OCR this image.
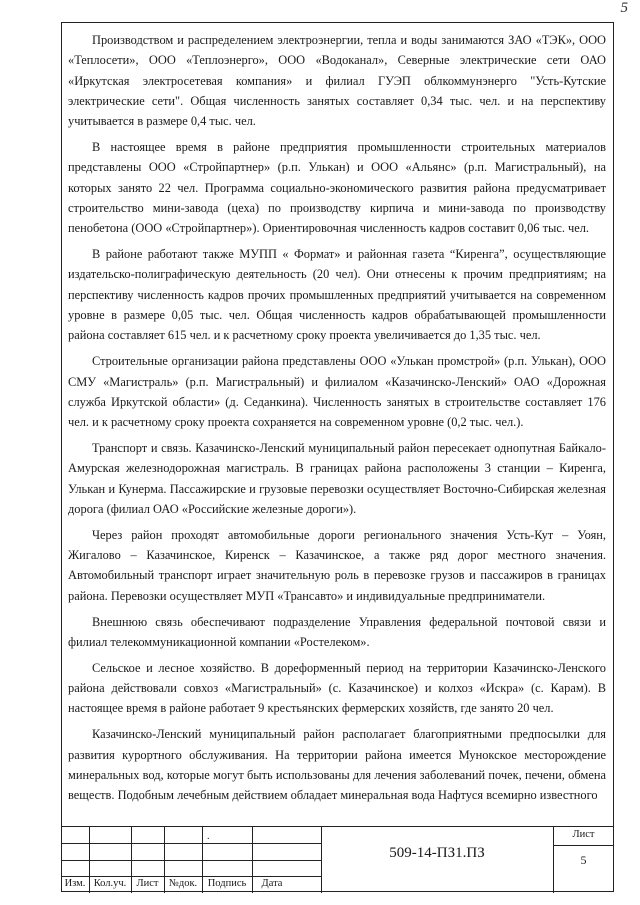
5

Производством и распределением электроэнергии, тепла и воды занимаются ЗАО «ТЭК», ООО «Теплосети», ООО «Теплоэнерго», ООО «Водоканал», Северные электрические сети ОАО «Иркутская электросетевая компания» и филиал ГУЭП облкоммунэнерго "Усть-Кутские электрические сети". Общая численность занятых составляет 0,34 тыс. чел. и на перспективу учитывается в размере 0,4 тыс. чел.

В настоящее время в районе предприятия промышленности строительных материалов представлены ООО «Стройпартнер» (р.п. Улькан) и ООО «Альянс» (р.п. Магистральный), на которых занято 22 чел. Программа социально-экономического развития района предусматривает строительство мини-завода (цеха) по производству кирпича и мини-завода по производству пенобетона (ООО «Стройпартнер»). Ориентировочная численность кадров составит 0,06 тыс. чел.

В районе работают также МУПП « Формат» и районная газета “Киренга”, осуществляющие издательско-полиграфическую деятельность (20 чел). Они отнесены к прочим предприятиям; на перспективу численность кадров прочих промышленных предприятий учитывается на современном уровне в размере 0,05 тыс. чел. Общая численность кадров обрабатывающей промышленности района составляет 615 чел. и к расчетному сроку проекта увеличивается до 1,35 тыс. чел.

Строительные организации района представлены ООО «Улькан промстрой» (р.п. Улькан), ООО СМУ «Магистраль» (р.п. Магистральный) и филиалом «Казачинско-Ленский» ОАО «Дорожная служба Иркутской области» (д. Седанкина). Численность занятых в строительстве составляет 176 чел. и к расчетному сроку проекта сохраняется на современном уровне (0,2 тыс. чел.).

Транспорт и связь. Казачинско-Ленский муниципальный район пересекает однопутная Байкало-Амурская железнодорожная магистраль. В границах района расположены 3 станции – Киренга, Улькан и Кунерма. Пассажирские и грузовые перевозки осуществляет Восточно-Сибирская железная дорога (филиал ОАО «Российские железные дороги»).

Через район проходят автомобильные дороги регионального значения Усть-Кут – Уоян, Жигалово – Казачинское, Киренск – Казачинское, а также ряд дорог местного значения. Автомобильный транспорт играет значительную роль в перевозке грузов и пассажиров в границах района. Перевозки осуществляет МУП «Трансавто» и индивидуальные предприниматели.

Внешнюю связь обеспечивают подразделение Управления федеральной почтовой связи и филиал телекоммуникационной компании «Ростелеком».

Сельское и лесное хозяйство. В дореформенный период на территории Казачинско-Ленского района действовали совхоз «Магистральный» (с. Казачинское) и колхоз «Искра» (с. Карам). В настоящее время в районе работает 9 крестьянских фермерских хозяйств, где занято 20 чел.

Казачинско-Ленский муниципальный район располагает благоприятными предпосылки для развития курортного обслуживания. На территории района имеется Мунокское месторождение минеральных вод, которые могут быть использованы для лечения заболеваний почек, печени, обмена веществ. Подобным лечебным действием обладает минеральная вода Нафтуся всемирно известного

.
Изм. Кол.уч. Лист №док.	Подпись	Дата
509-14-ПЗ1.ПЗ
Лист
5
